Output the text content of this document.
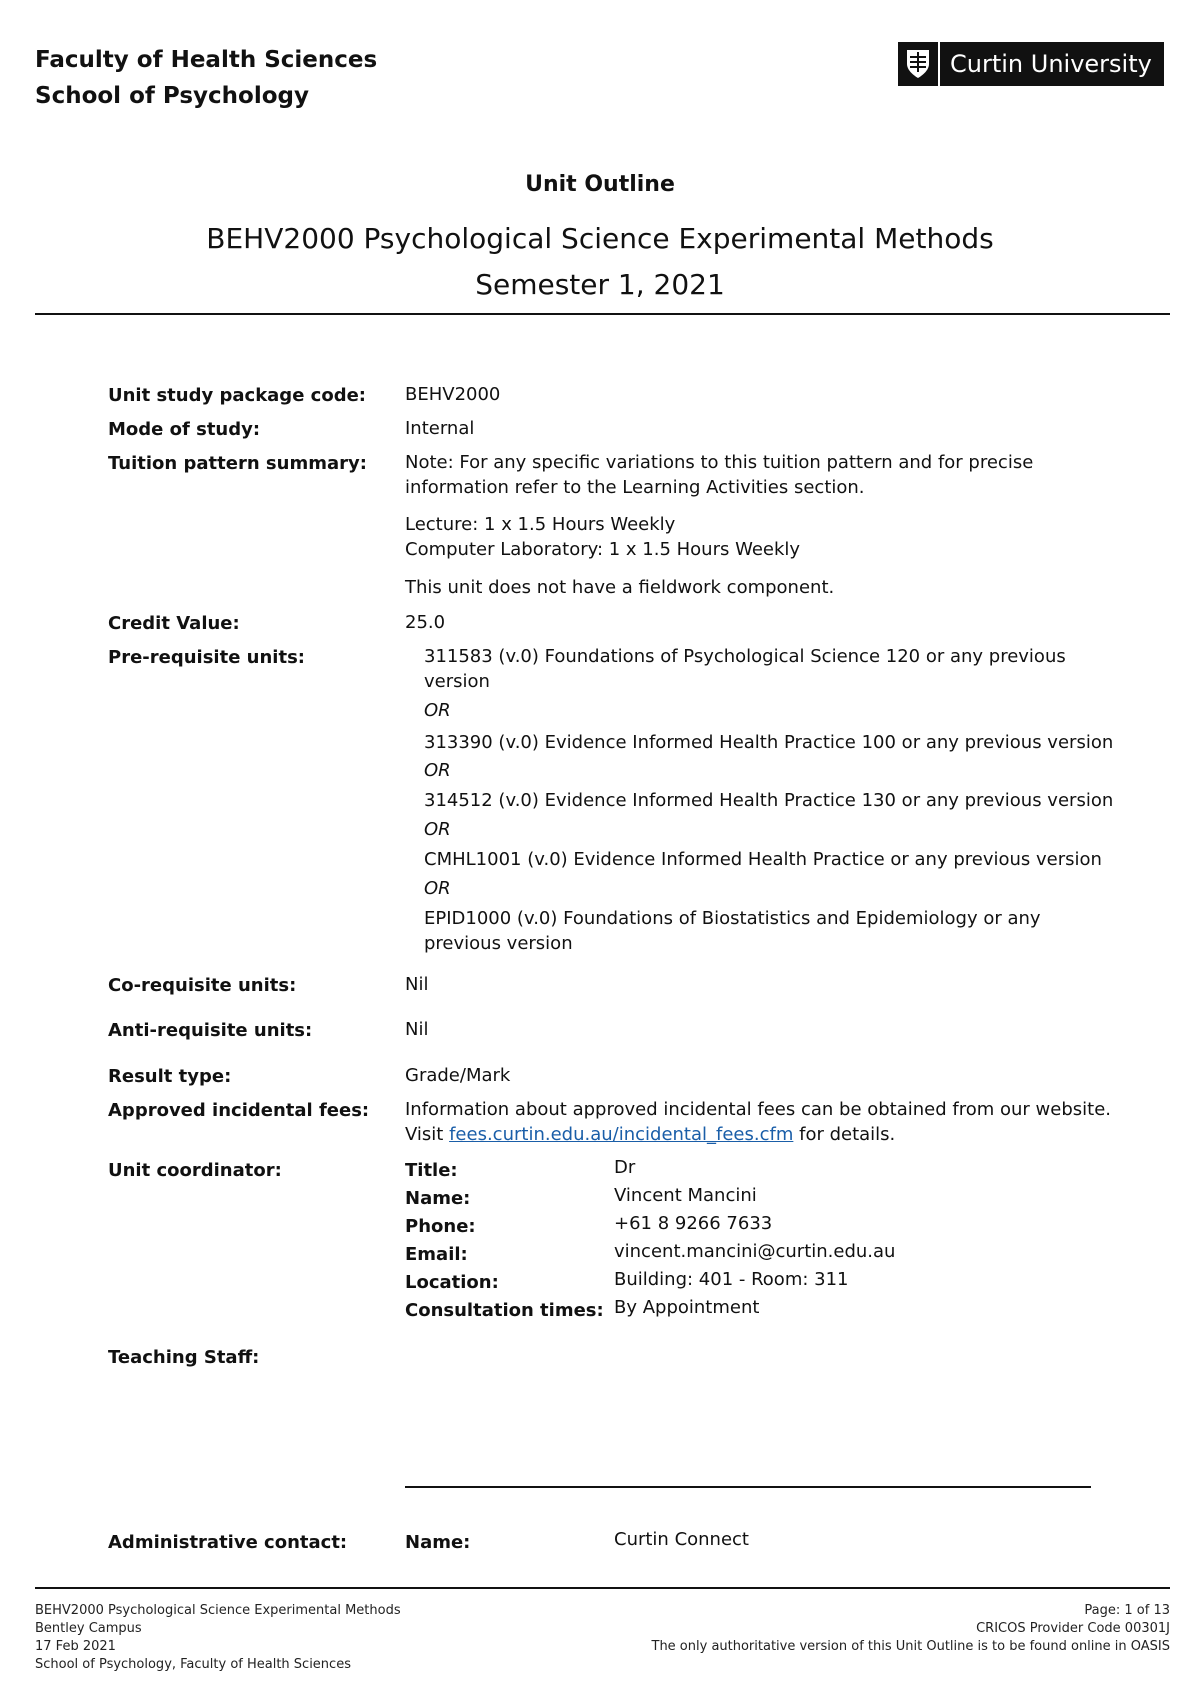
Faculty of Health Sciences
School of Psychology
Curtin University
Unit Outline
BEHV2000 Psychological Science Experimental Methods
Semester 1, 2021
Unit study package code: BEHV2000
Mode of study:	Internal
Tuition pattern summary: Note: For any specific variations to this tuition pattern and for precise
information refer to the Learning Activities section.
Lecture: 1 x 1.5 Hours Weekly
Computer Laboratory: 1 x 1.5 Hours Weekly
This unit does not have a fieldwork component.
Credit Value:	25.0
Pre-requisite units:	311583 (v.0) Foundations of Psychological Science 120 or any previous
version
OR
313390 (v.0) Evidence Informed Health Practice 100 or any previous version
OR
314512 (v.0) Evidence Informed Health Practice 130 or any previous version
OR
CMHL1001 (v.0) Evidence Informed Health Practice or any previous version
OR
EPID1000 (v.0) Foundations of Biostatistics and Epidemiology or any
previous version
Co-requisite units:	Nil
Anti-requisite units:	Nil
Result type:	Grade/Mark
Approved incidental fees: Information about approved incidental fees can be obtained from our website.
Visit fees.curtin.edu.au/incidental_fees.cfm for details.
Unit coordinator:	Title:	Dr
Name:	Vincent Mancini
Phone:	+61 8 9266 7633
Email:	vincent.mancini@curtin.edu.au
Location:	Building: 401 - Room: 311
Consultation times: By Appointment
Teaching Staff:
Administrative contact:	Name:	Curtin Connect
BEHV2000 Psychological Science Experimental Methods
Bentley Campus
17 Feb 2021
School of Psychology, Faculty of Health Sciences
Page: 1 of 13
CRICOS Provider Code 00301J
The only authoritative version of this Unit Outline is to be found online in OASIS
